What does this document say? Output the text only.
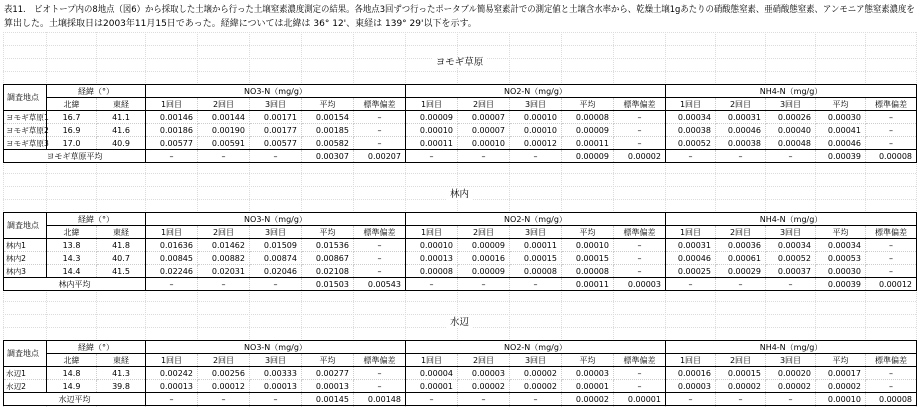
表11.　ビオトープ内の8地点（図6）から採取した土壌から行った土壌窒素濃度測定の結果。各地点3回ずつ行ったポータブル簡易窒素計での測定値と土壌含水率から、乾燥土壌1gあたりの硝酸態窒素、亜硝酸態窒素、アンモニア態窒素濃度を
算出した。土壌採取日は2003年11月15日であった。経緯については北緯は 36° 12'、東経は 139° 29'以下を示す。
ヨモギ草原
調査地点	経緯（°）		NO3-N（mg/g）					NO2-N（mg/g）					NH4-N（mg/g）				
	北緯	東経	1回目	2回目	3回目	平均	標準偏差	1回目	2回目	3回目	平均	標準偏差	1回目	2回目	3回目	平均	標準偏差
ヨモギ草原1	16.7	41.1	0.00146	0.00144	0.00171	0.00154	–	0.00009	0.00007	0.00010	0.00008	–	0.00034	0.00031	0.00026	0.00030	–
ヨモギ草原2	16.9	41.6	0.00186	0.00190	0.00177	0.00185	–	0.00010	0.00007	0.00010	0.00009	–	0.00038	0.00046	0.00040	0.00041	–
ヨモギ草原3	17.0	40.9	0.00577	0.00591	0.00577	0.00582	–	0.00011	0.00010	0.00012	0.00011	–	0.00052	0.00038	0.00048	0.00046	–
ヨモギ草原平均			–	–	–	0.00307	0.00207	–	–	–	0.00009	0.00002	–	–	–	0.00039	0.00008
林内
調査地点	経緯（°）		NO3-N（mg/g）					NO2-N（mg/g）					NH4-N（mg/g）				
	北緯	東経	1回目	2回目	3回目	平均	標準偏差	1回目	2回目	3回目	平均	標準偏差	1回目	2回目	3回目	平均	標準偏差
林内1	13.8	41.8	0.01636	0.01462	0.01509	0.01536	–	0.00010	0.00009	0.00011	0.00010	–	0.00031	0.00036	0.00034	0.00034	–
林内2	14.3	40.7	0.00845	0.00882	0.00874	0.00867	–	0.00013	0.00016	0.00015	0.00015	–	0.00046	0.00061	0.00052	0.00053	–
林内3	14.4	41.5	0.02246	0.02031	0.02046	0.02108	–	0.00008	0.00009	0.00008	0.00008	–	0.00025	0.00029	0.00037	0.00030	–
林内平均			–	–	–	0.01503	0.00543	–	–	–	0.00011	0.00003	–	–	–	0.00039	0.00012
水辺
調査地点	経緯（°）		NO3-N（mg/g）					NO2-N（mg/g）					NH4-N（mg/g）				
	北緯	東経	1回目	2回目	3回目	平均	標準偏差	1回目	2回目	3回目	平均	標準偏差	1回目	2回目	3回目	平均	標準偏差
水辺1	14.8	41.3	0.00242	0.00256	0.00333	0.00277	–	0.00004	0.00003	0.00002	0.00003	–	0.00016	0.00015	0.00020	0.00017	–
水辺2	14.9	39.8	0.00013	0.00012	0.00013	0.00013	–	0.00001	0.00002	0.00002	0.00001	–	0.00003	0.00002	0.00002	0.00002	–
水辺平均			–	–	–	0.00145	0.00148	–	–	–	0.00002	0.00001	–	–	–	0.00010	0.00008
